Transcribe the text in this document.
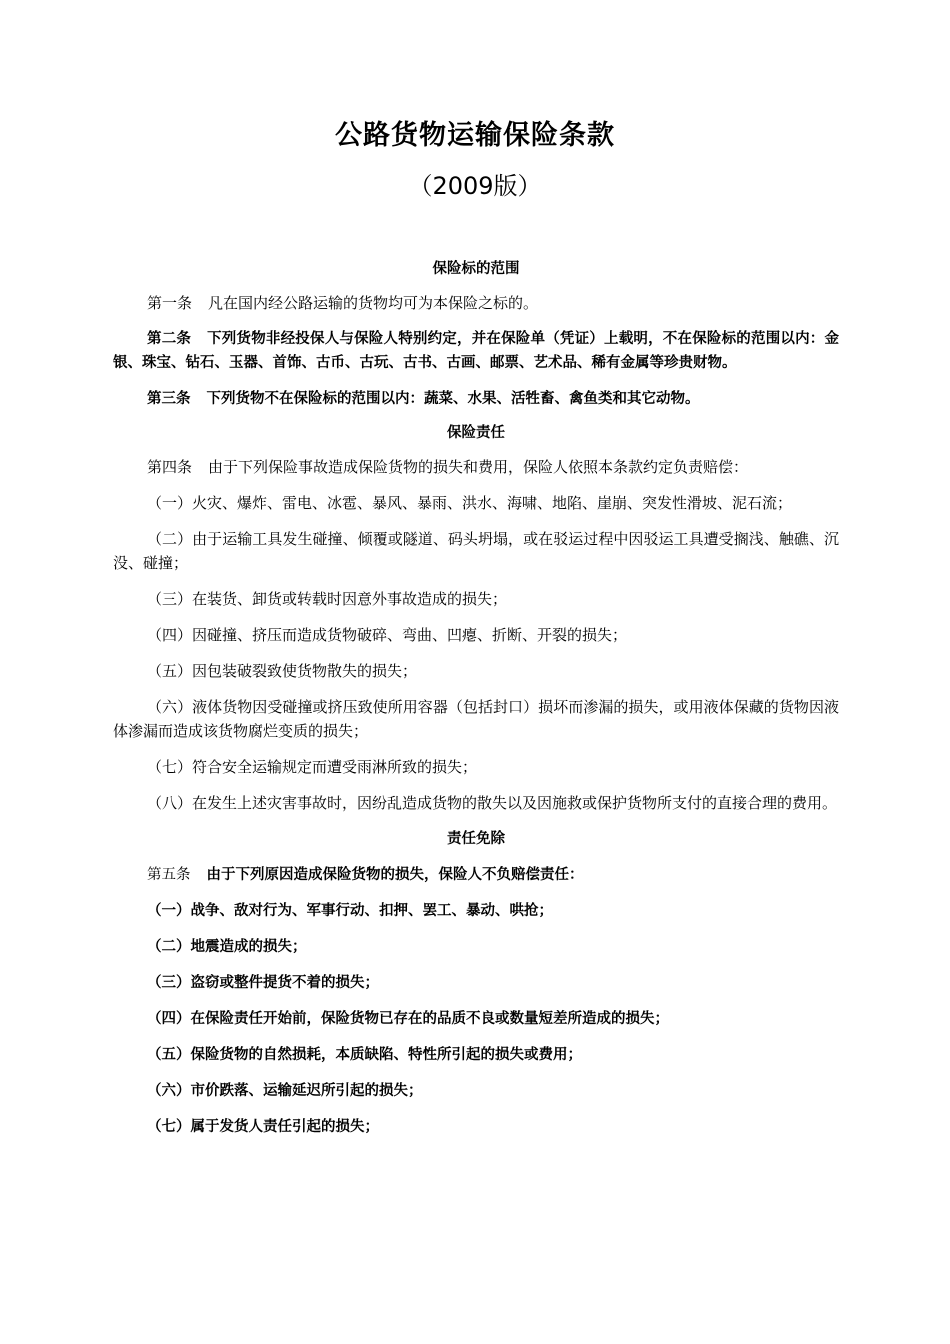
公路货物运输保险条款
（2009版）

保险标的范围

第一条 凡在国内经公路运输的货物均可为本保险之标的。

第二条 下列货物非经投保人与保险人特别约定，并在保险单（凭证）上载明，不在保险标的范围以内：金银、珠宝、钻石、玉器、首饰、古币、古玩、古书、古画、邮票、艺术品、稀有金属等珍贵财物。

第三条 下列货物不在保险标的范围以内：蔬菜、水果、活牲畜、禽鱼类和其它动物。

保险责任

第四条 由于下列保险事故造成保险货物的损失和费用，保险人依照本条款约定负责赔偿：

（一）火灾、爆炸、雷电、冰雹、暴风、暴雨、洪水、海啸、地陷、崖崩、突发性滑坡、泥石流；

（二）由于运输工具发生碰撞、倾覆或隧道、码头坍塌，或在驳运过程中因驳运工具遭受搁浅、触礁、沉没、碰撞；

（三）在装货、卸货或转载时因意外事故造成的损失；

（四）因碰撞、挤压而造成货物破碎、弯曲、凹瘪、折断、开裂的损失；

（五）因包装破裂致使货物散失的损失；

（六）液体货物因受碰撞或挤压致使所用容器（包括封口）损坏而渗漏的损失，或用液体保藏的货物因液体渗漏而造成该货物腐烂变质的损失；

（七）符合安全运输规定而遭受雨淋所致的损失；

（八）在发生上述灾害事故时，因纷乱造成货物的散失以及因施救或保护货物所支付的直接合理的费用。

责任免除

第五条 由于下列原因造成保险货物的损失，保险人不负赔偿责任：

（一）战争、敌对行为、军事行动、扣押、罢工、暴动、哄抢；

（二）地震造成的损失；

（三）盗窃或整件提货不着的损失；

（四）在保险责任开始前，保险货物已存在的品质不良或数量短差所造成的损失；

（五）保险货物的自然损耗，本质缺陷、特性所引起的损失或费用；

（六）市价跌落、运输延迟所引起的损失；

（七）属于发货人责任引起的损失；
